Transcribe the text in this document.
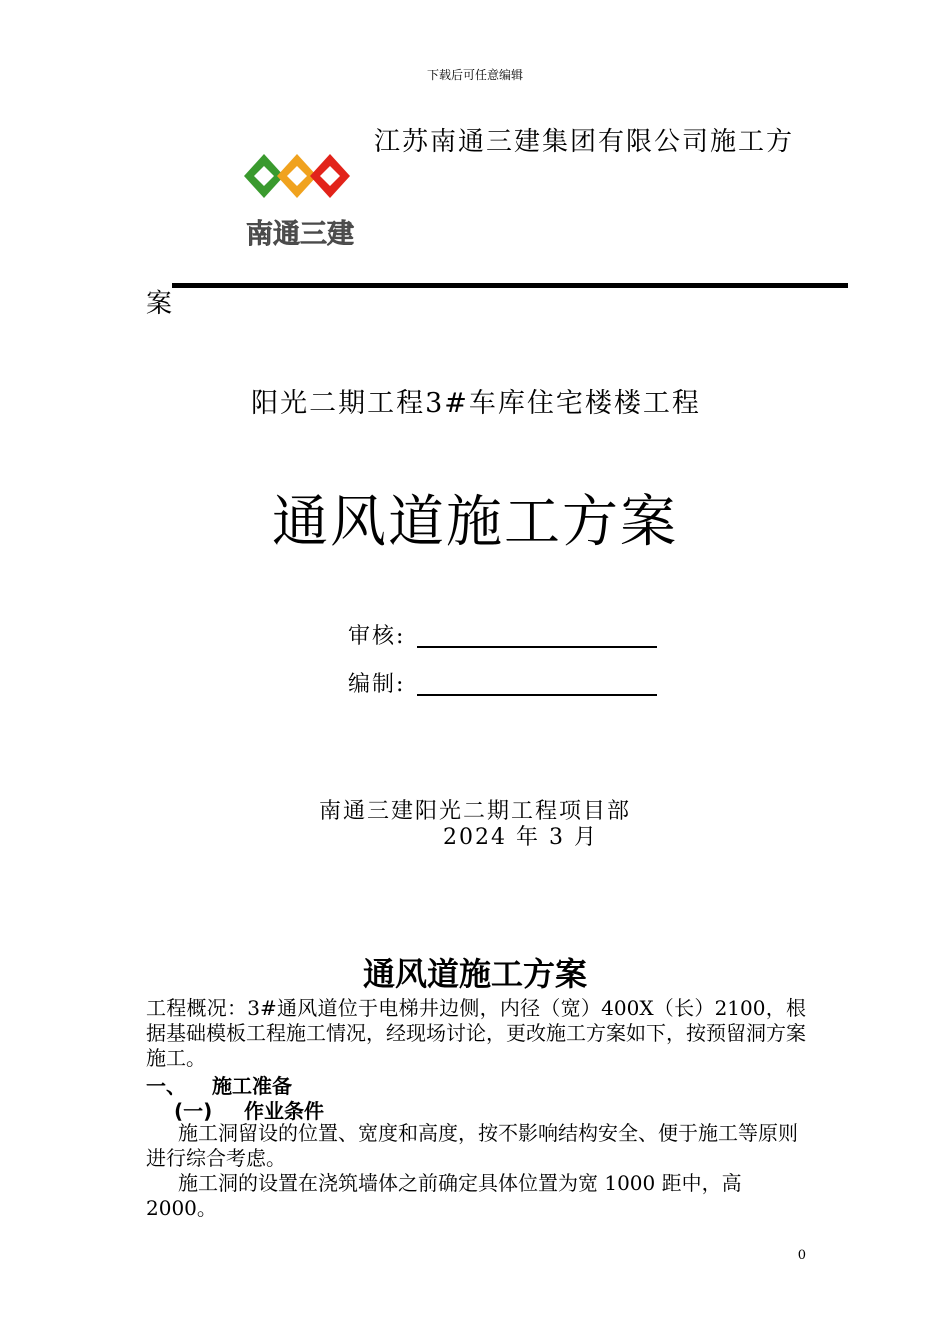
下载后可任意编辑
南通三建
江苏南通三建集团有限公司施工方
案
阳光二期工程3#车库住宅楼楼工程
通风道施工方案
审核:
编制:
南通三建阳光二期工程项目部
2024 年 3 月
通风道施工方案
工程概况：3#通风道位于电梯井边侧，内径（宽）400X（长）2100，根据基础模板工程施工情况，经现场讨论，更改施工方案如下，按预留洞方案施工。
一、 施工准备
(一) 作业条件
施工洞留设的位置、宽度和高度，按不影响结构安全、便于施工等原则进行综合考虑。
施工洞的设置在浇筑墙体之前确定具体位置为宽 1000 距中，高 2000。
0
